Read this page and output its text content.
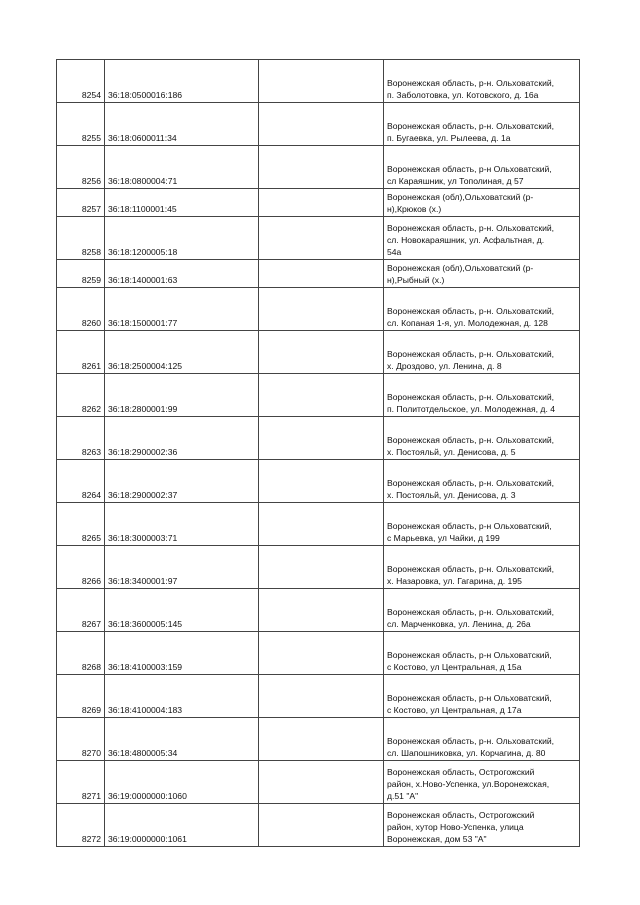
8254	36:18:0500016:186		Воронежская область, р-н. Ольховатский,
п. Заболотовка, ул. Котовского, д. 16а
8255	36:18:0600011:34		Воронежская область, р-н. Ольховатский,
п. Бугаевка, ул. Рылеева, д. 1а
8256	36:18:0800004:71		Воронежская область, р-н Ольховатский,
сл Караяшник, ул Тополиная, д 57
8257	36:18:1100001:45		Воронежская (обл),Ольховатский (р-
н),Крюков (х.)
8258	36:18:1200005:18		Воронежская область, р-н. Ольховатский,
сл. Новокараяшник, ул. Асфальтная, д.
54а
8259	36:18:1400001:63		Воронежская (обл),Ольховатский (р-
н),Рыбный (х.)
8260	36:18:1500001:77		Воронежская область, р-н. Ольховатский,
сл. Копаная 1-я, ул. Молодежная, д. 128
8261	36:18:2500004:125		Воронежская область, р-н. Ольховатский,
х. Дроздово, ул. Ленина, д. 8
8262	36:18:2800001:99		Воронежская область, р-н. Ольховатский,
п. Политотдельское, ул. Молодежная, д. 4
8263	36:18:2900002:36		Воронежская область, р-н. Ольховатский,
х. Постояльй, ул. Денисова, д. 5
8264	36:18:2900002:37		Воронежская область, р-н. Ольховатский,
х. Постояльй, ул. Денисова, д. 3
8265	36:18:3000003:71		Воронежская область, р-н Ольховатский,
с Марьевка, ул Чайки, д 199
8266	36:18:3400001:97		Воронежская область, р-н. Ольховатский,
х. Назаровка, ул. Гагарина, д. 195
8267	36:18:3600005:145		Воронежская область, р-н. Ольховатский,
сл. Марченковка, ул. Ленина, д. 26а
8268	36:18:4100003:159		Воронежская область, р-н Ольховатский,
с Костово, ул Центральная, д 15а
8269	36:18:4100004:183		Воронежская область, р-н Ольховатский,
с Костово, ул Центральная, д 17а
8270	36:18:4800005:34		Воронежская область, р-н. Ольховатский,
сл. Шапошниковка, ул. Корчагина, д. 80
8271	36:19:0000000:1060		Воронежская область, Острогожский
район, х.Ново-Успенка, ул.Воронежская,
д.51 "А"
8272	36:19:0000000:1061		Воронежская область, Острогожский
район, хутор Ново-Успенка, улица
Воронежская, дом 53 "А"
